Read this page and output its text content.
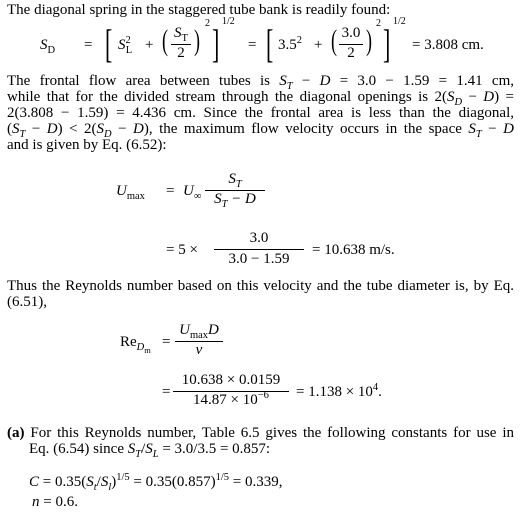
The diagonal spring in the staggered tube bank is readily found:
$S_D$ = [ $S^2_L$ + ( $S_T$
2 )
2 ] 1/2
= [ $3.5^2$ + ( 3.0
2 )
2 ] 1/2
= 3.808 cm.
The frontal flow area between tubes is $S_T - D = 3.0 - 1.59 = 1.41$ cm,
while that for the divided stream through the diagonal openings is $2(S_D - D)$ =
2(3.808 − 1.59) = 4.436 cm. Since the frontal area is less than the diagonal,
$(S_T - D) < 2(S_D - D)$, the maximum flow velocity occurs in the space $S_T - D$
and is given by Eq. (6.52):
$U_{max} = U_\infty$
$S_T$
$S_T - D$
= 5 ×
3.0
3.0 − 1.59
= 10.638 m/s.
Thus the Reynolds number based on this velocity and the tube diameter is, by Eq.
(6.51),
$Re_{D_m}$
=
$U_{max}D$
ν
=
10.638 × 0.0159
$14.87 \times 10^{-6}$	= $1.138 \times 10^4$.
(a) For this Reynolds number, Table 6.5 gives the following constants for use in
Eq. (6.54) since $S_T/S_L = 3.0/3.5 = 0.857$:
$C = 0.35(S_t/S_l)^{1/5} = 0.35(0.857)^{1/5} = 0.339$,
n = 0.6.
